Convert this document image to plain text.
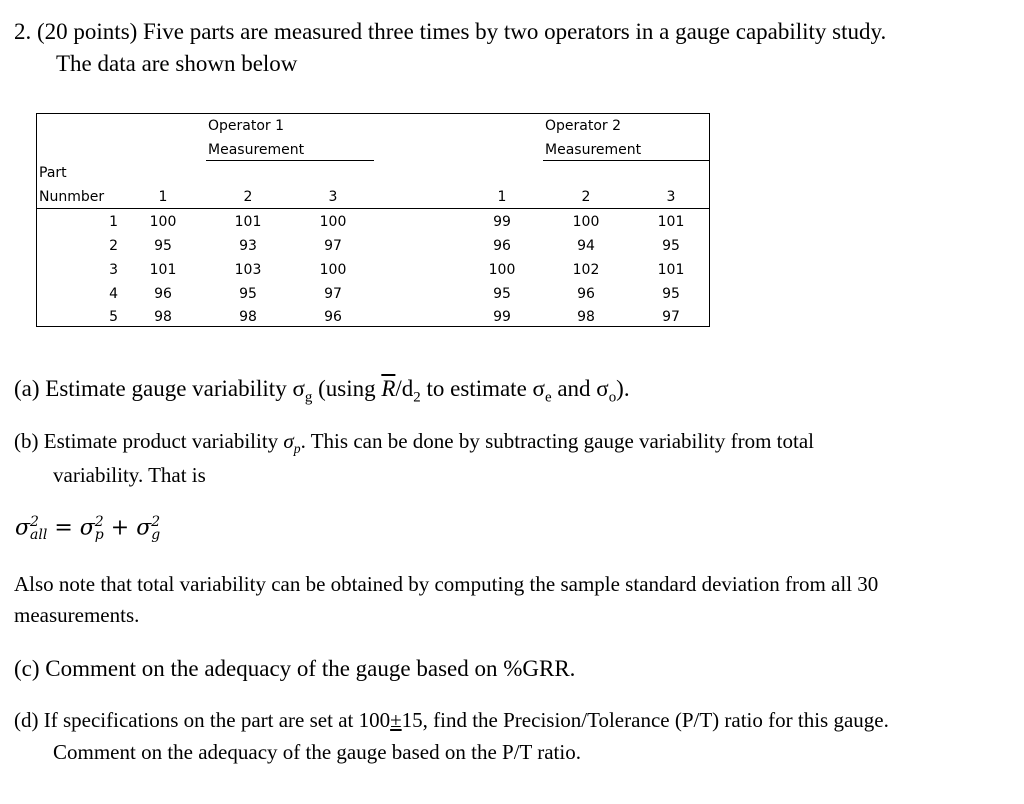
2. (20 points) Five parts are measured three times by two operators in a gauge capability study.
The data are shown below
Operator 1
Measurement
Operator 2
Measurement
Part
Nunmber	1	2	3	1	2	3
1	100	101	100	99	100	101
2	95	93	97	96	94	95
3	101	103	100	100	102	101
4	96	95	97	95	96	95
5	98	98	96	99	98	97
(a) Estimate gauge variability $\sigma_g$ (using $\overline{R}/d_2$ to estimate $\sigma_e$ and $\sigma_o$).
(b) Estimate product variability $\sigma_p$. This can be done by subtracting gauge variability from total
variability. That is
σ 2
all = σ 2
p + σ 2
g
Also note that total variability can be obtained by computing the sample standard deviation from all 30
measurements.
(c) Comment on the adequacy of the gauge based on %GRR.
(d) If specifications on the part are set at 100±15, find the Precision/Tolerance (P/T) ratio for this gauge.
Comment on the adequacy of the gauge based on the P/T ratio.
